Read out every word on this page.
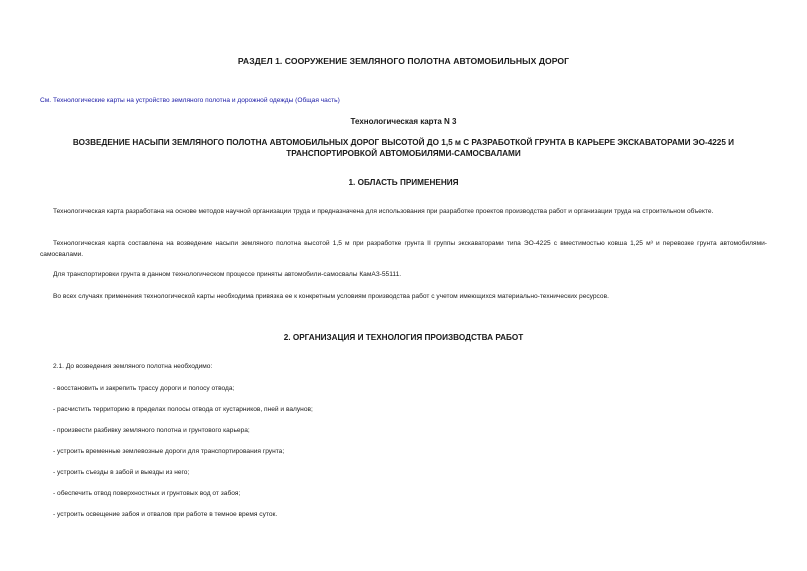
РАЗДЕЛ 1. СООРУЖЕНИЕ ЗЕМЛЯНОГО ПОЛОТНА АВТОМОБИЛЬНЫХ ДОРОГ
См. Технологические карты на устройство земляного полотна и дорожной одежды (Общая часть)
Технологическая карта N 3
ВОЗВЕДЕНИЕ НАСЫПИ ЗЕМЛЯНОГО ПОЛОТНА АВТОМОБИЛЬНЫХ ДОРОГ ВЫСОТОЙ ДО 1,5 м С РАЗРАБОТКОЙ ГРУНТА В КАРЬЕРЕ ЭКСКАВАТОРАМИ ЭО-4225 И ТРАНСПОРТИРОВКОЙ АВТОМОБИЛЯМИ-САМОСВАЛАМИ
1. ОБЛАСТЬ ПРИМЕНЕНИЯ
Технологическая карта разработана на основе методов научной организации труда и предназначена для использования при разработке проектов производства работ и организации труда на строительном объекте.
Технологическая карта составлена на возведение насыпи земляного полотна высотой 1,5 м при разработке грунта II группы экскаваторами типа ЭО-4225 с вместимостью ковша 1,25 м³ и перевозке грунта автомобилями-самосвалами.
Для транспортировки грунта в данном технологическом процессе приняты автомобили-самосвалы КамАЗ-55111.
Во всех случаях применения технологической карты необходима привязка ее к конкретным условиям производства работ с учетом имеющихся материально-технических ресурсов.
2. ОРГАНИЗАЦИЯ И ТЕХНОЛОГИЯ ПРОИЗВОДСТВА РАБОТ
2.1. До возведения земляного полотна необходимо:
- восстановить и закрепить трассу дороги и полосу отвода;
- расчистить территорию в пределах полосы отвода от кустарников, пней и валунов;
- произвести разбивку земляного полотна и грунтового карьера;
- устроить временные землевозные дороги для транспортирования грунта;
- устроить съезды в забой и выезды из него;
- обеспечить отвод поверхностных и грунтовых вод от забоя;
- устроить освещение забоя и отвалов при работе в темное время суток.
